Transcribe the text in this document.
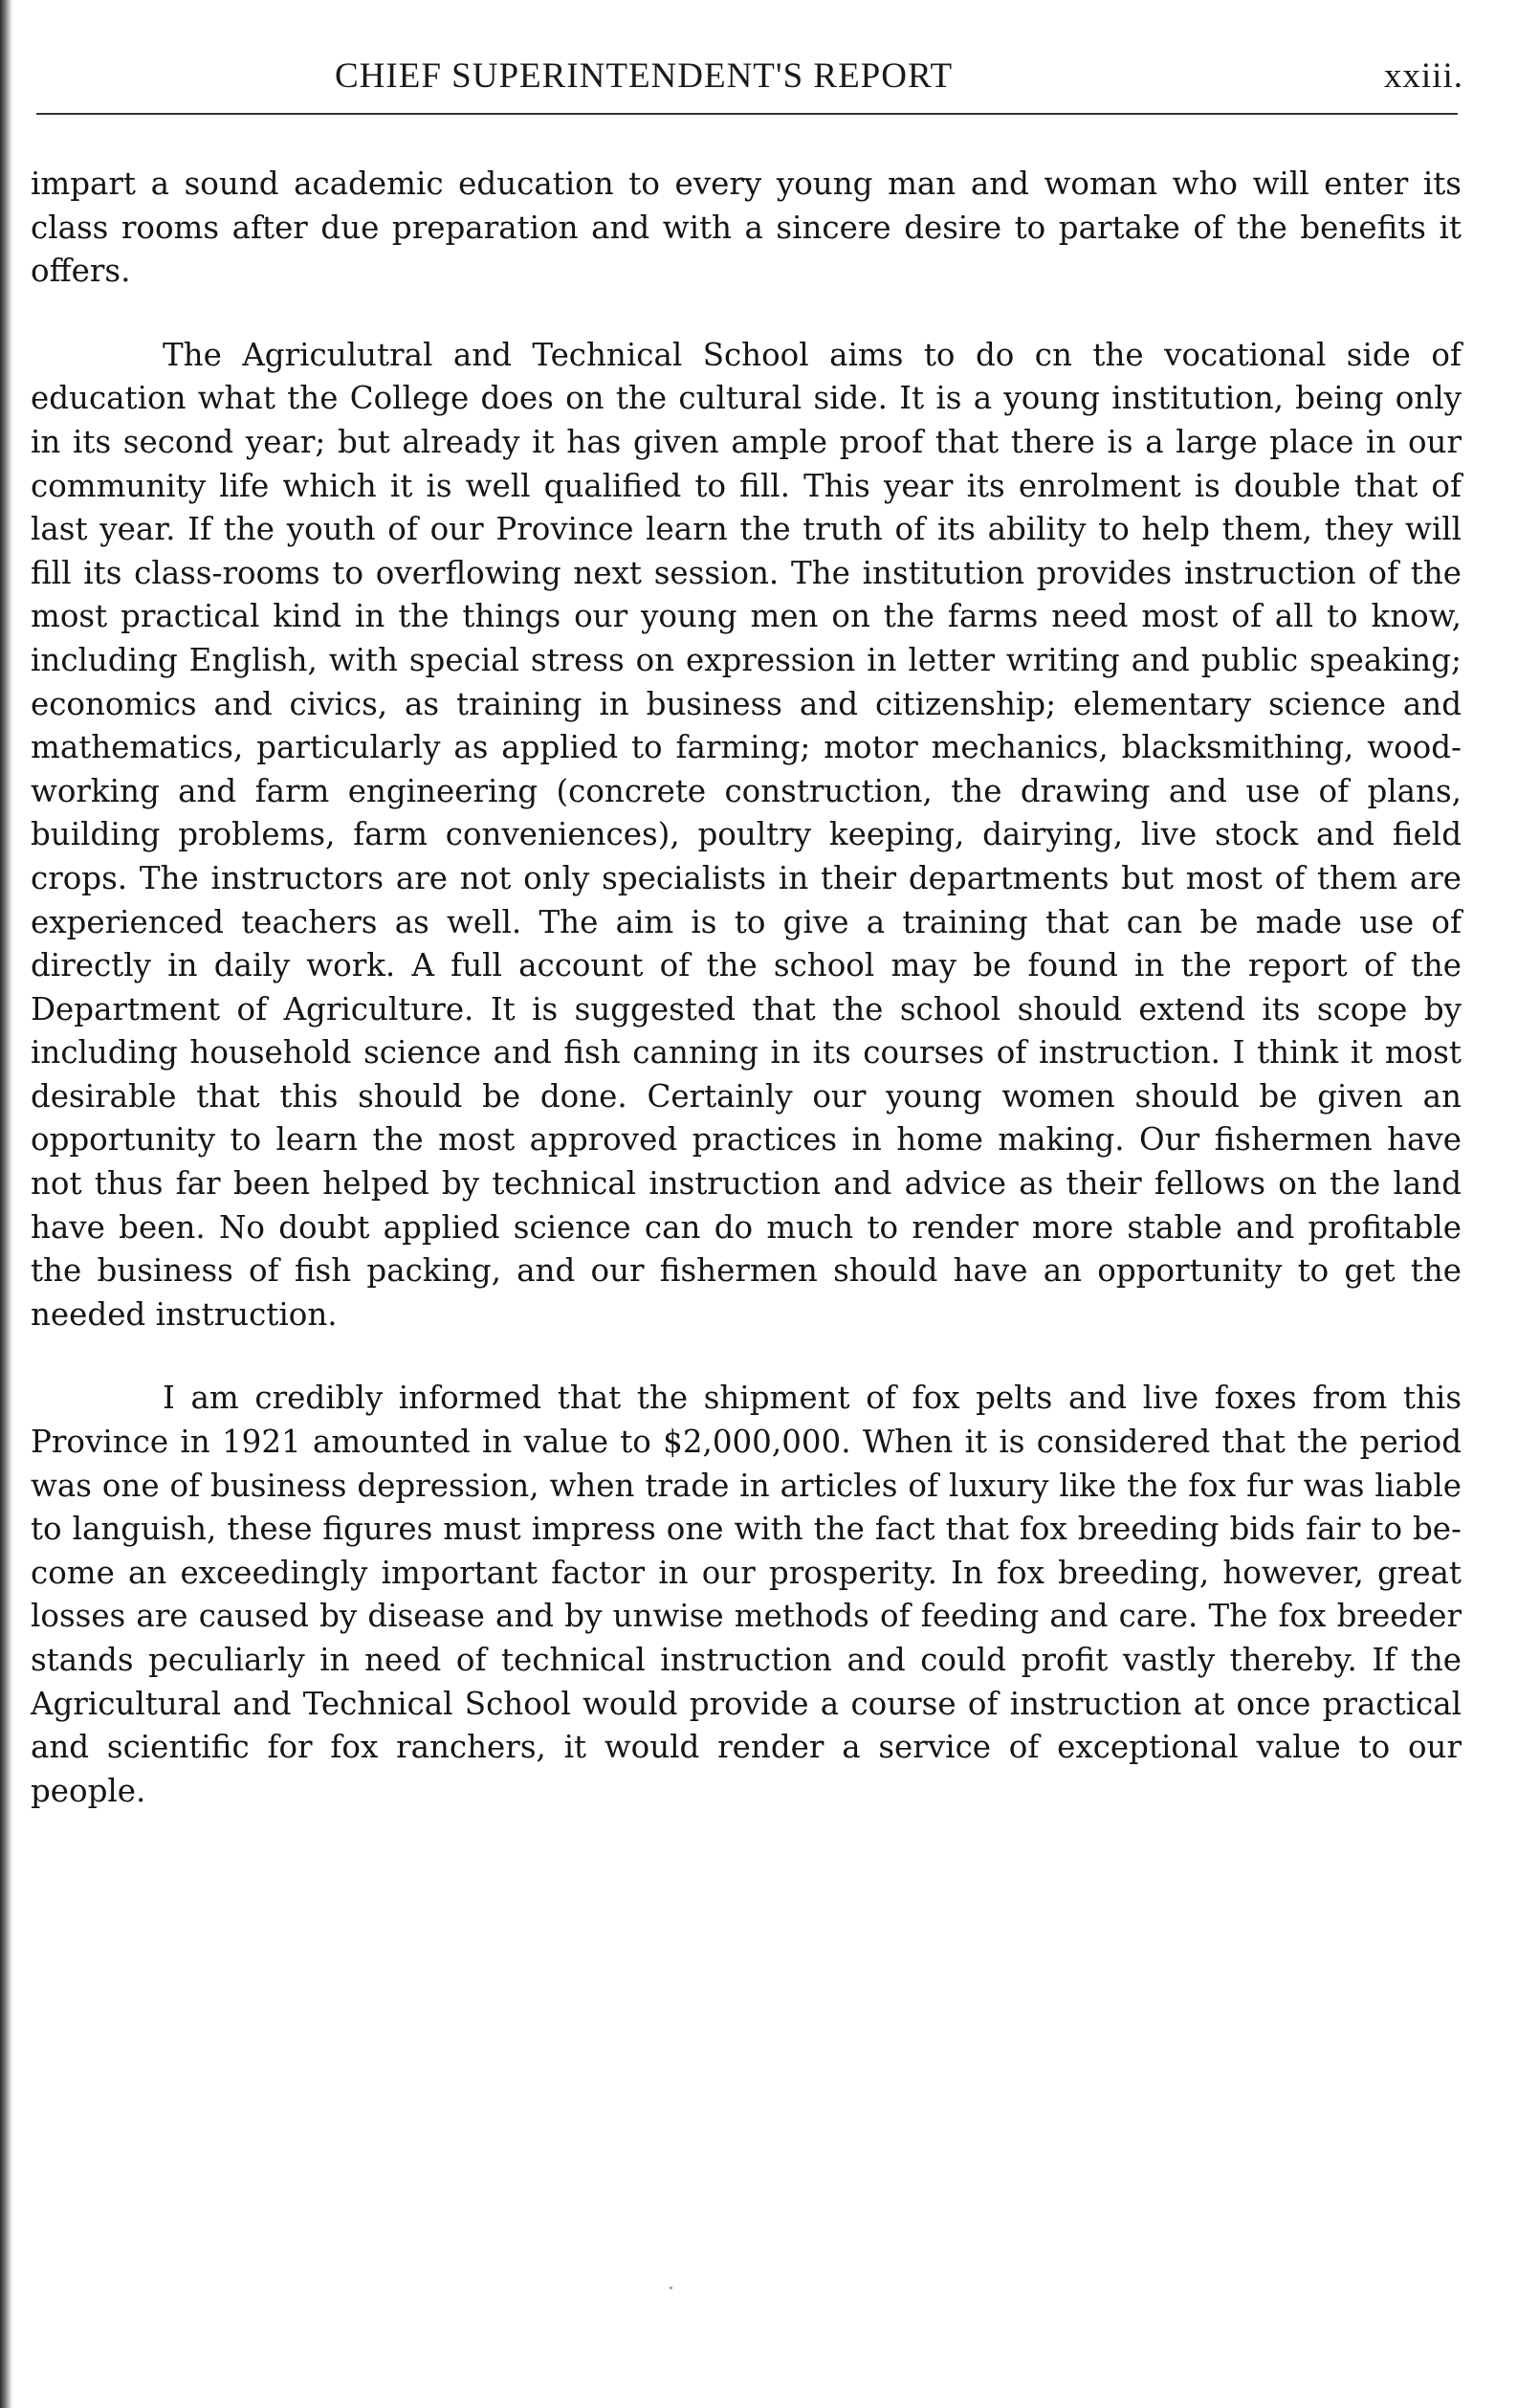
CHIEF SUPERINTENDENT'S REPORT	xxiii.

impart a sound academic education to every young man and woman who will enter its class rooms after due preparation and with a sincere desire to partake of the benefits it offers.

The Agriculutral and Technical School aims to do cn the vocational side of education what the College does on the cultural side. It is a young institution, being only in its second year; but already it has given ample proof that there is a large place in our community life which it is well qualified to fill. This year its enrolment is double that of last year. If the youth of our Province learn the truth of its ability to help them, they will fill its class-rooms to overflowing next session. The institution provides instruction of the most practical kind in the things our young men on the farms need most of all to know, including English, with special stress on expression in letter writing and public speaking; economics and civics, as training in business and citizenship; elementary science and mathematics, particularly as applied to farming; motor mechanics, blacksmithing, wood-working and farm engineering (concrete construction, the drawing and use of plans, building problems, farm conveniences), poultry keeping, dairying, live stock and field crops. The instructors are not only specialists in their departments but most of them are experienced teachers as well. The aim is to give a training that can be made use of directly in daily work. A full account of the school may be found in the report of the Department of Agriculture. It is suggested that the school should extend its scope by including household science and fish canning in its courses of instruction. I think it most desirable that this should be done. Certainly our young women should be given an opportunity to learn the most approved practices in home making. Our fishermen have not thus far been helped by technical instruction and advice as their fellows on the land have been. No doubt applied science can do much to render more stable and profitable the business of fish packing, and our fishermen should have an opportunity to get the needed instruction.

I am credibly informed that the shipment of fox pelts and live foxes from this Province in 1921 amounted in value to $2,000,000. When it is considered that the period was one of business depression, when trade in articles of luxury like the fox fur was liable to languish, these figures must impress one with the fact that fox breeding bids fair to become an exceedingly important factor in our prosperity. In fox breeding, however, great losses are caused by disease and by unwise methods of feeding and care. The fox breeder stands peculiarly in need of technical instruction and could profit vastly thereby. If the Agricultural and Technical School would provide a course of instruction at once practical and scientific for fox ranchers, it would render a service of exceptional value to our people.
